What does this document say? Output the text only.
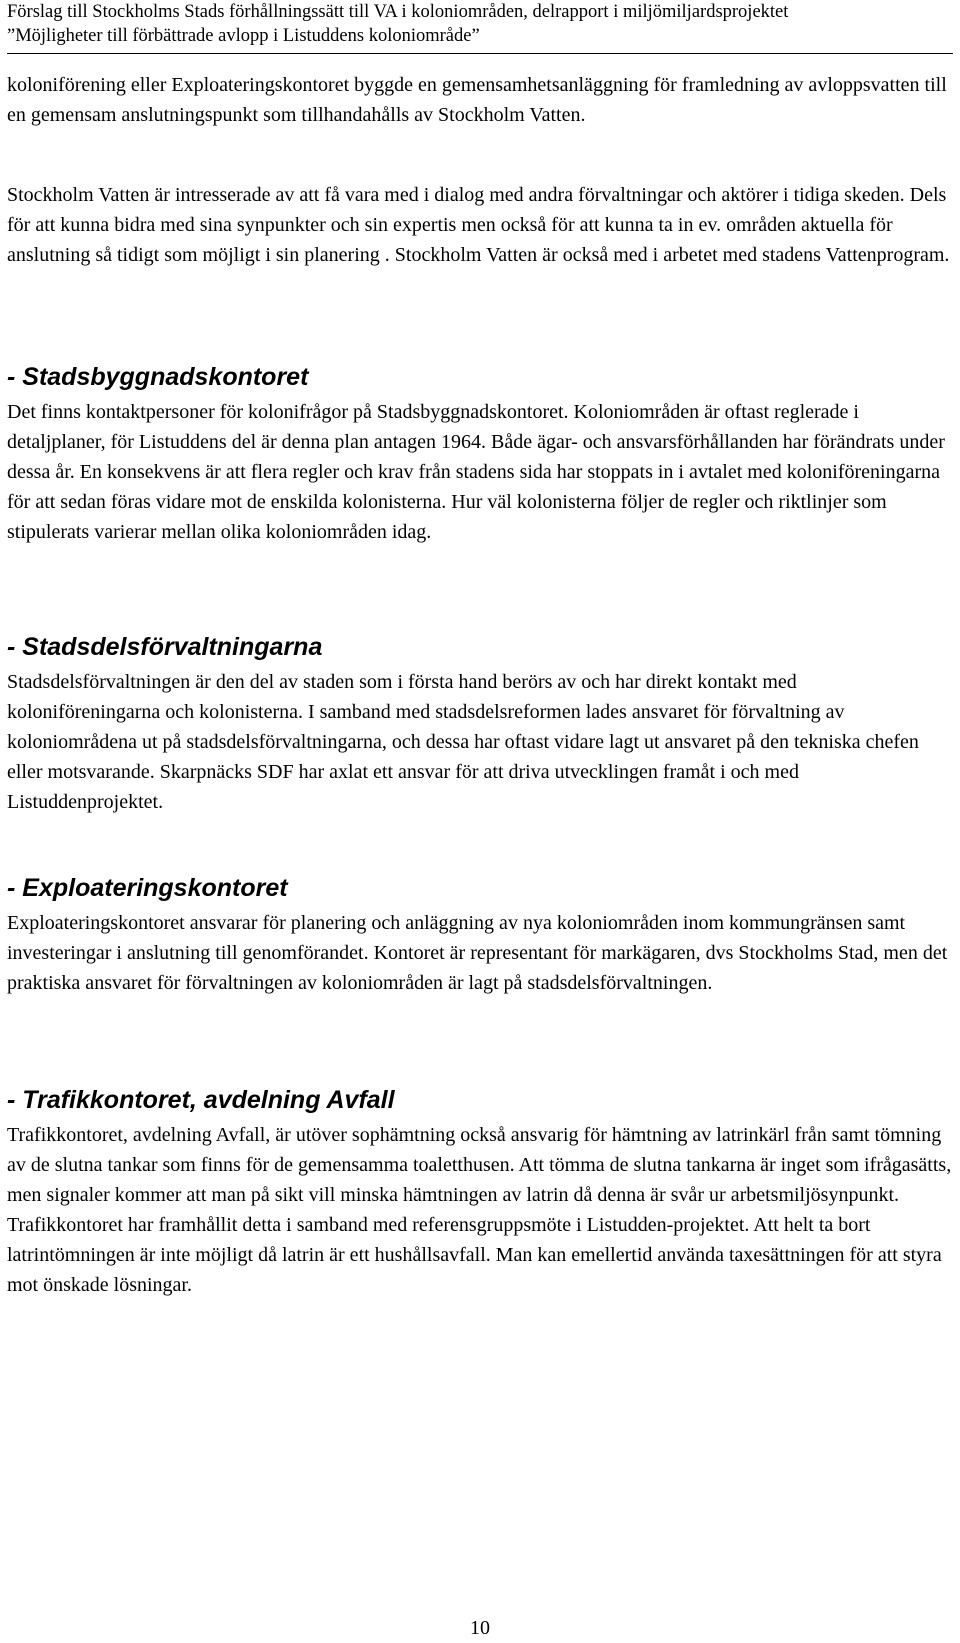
Förslag till Stockholms Stads förhållningssätt till VA i koloniområden, delrapport i miljömiljardsprojektet
”Möjligheter till förbättrade avlopp i Listuddens koloniområde”

koloniförening eller Exploateringskontoret byggde en gemensamhetsanläggning för framledning av avloppsvatten till en gemensam anslutningspunkt som tillhandahålls av Stockholm Vatten.

Stockholm Vatten är intresserade av att få vara med i dialog med andra förvaltningar och aktörer i tidiga skeden. Dels för att kunna bidra med sina synpunkter och sin expertis men också för att kunna ta in ev. områden aktuella för anslutning så tidigt som möjligt i sin planering . Stockholm Vatten är också med i arbetet med stadens Vattenprogram.

- Stadsbyggnadskontoret

Det finns kontaktpersoner för kolonifrågor på Stadsbyggnadskontoret. Koloniområden är oftast reglerade i detaljplaner, för Listuddens del är denna plan antagen 1964. Både ägar- och ansvarsförhållanden har förändrats under dessa år. En konsekvens är att flera regler och krav från stadens sida har stoppats in i avtalet med koloniföreningarna för att sedan föras vidare mot de enskilda kolonisterna. Hur väl kolonisterna följer de regler och riktlinjer som stipulerats varierar mellan olika koloniområden idag.

- Stadsdelsförvaltningarna

Stadsdelsförvaltningen är den del av staden som i första hand berörs av och har direkt kontakt med koloniföreningarna och kolonisterna. I samband med stadsdelsreformen lades ansvaret för förvaltning av koloniområdena ut på stadsdelsförvaltningarna, och dessa har oftast vidare lagt ut ansvaret på den tekniska chefen eller motsvarande. Skarpnäcks SDF har axlat ett ansvar för att driva utvecklingen framåt i och med Listuddenprojektet.

- Exploateringskontoret

Exploateringskontoret ansvarar för planering och anläggning av nya koloniområden inom kommungränsen samt investeringar i anslutning till genomförandet. Kontoret är representant för markägaren, dvs Stockholms Stad, men det praktiska ansvaret för förvaltningen av koloniområden är lagt på stadsdelsförvaltningen.

- Trafikkontoret, avdelning Avfall

Trafikkontoret, avdelning Avfall, är utöver sophämtning också ansvarig för hämtning av latrinkärl från samt tömning av de slutna tankar som finns för de gemensamma toaletthusen. Att tömma de slutna tankarna är inget som ifrågasätts, men signaler kommer att man på sikt vill minska hämtningen av latrin då denna är svår ur arbetsmiljösynpunkt. Trafikkontoret har framhållit detta i samband med referensgruppsmöte i Listudden-projektet. Att helt ta bort latrintömningen är inte möjligt då latrin är ett hushållsavfall. Man kan emellertid använda taxesättningen för att styra mot önskade lösningar.

10
